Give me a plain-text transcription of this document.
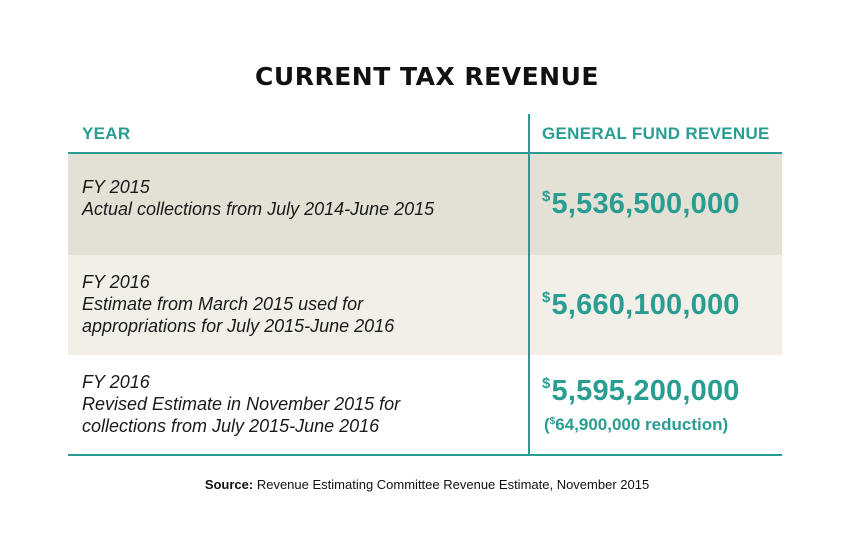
CURRENT TAX REVENUE
YEAR	GENERAL FUND REVENUE
FY 2015
Actual collections from July 2014-June 2015
$5,536,500,000
FY 2016
Estimate from March 2015 used for
appropriations for July 2015-June 2016
$5,660,100,000
FY 2016
Revised Estimate in November 2015 for
collections from July 2015-June 2016
$5,595,200,000
($64,900,000 reduction)
Source: Revenue Estimating Committee Revenue Estimate, November 2015
